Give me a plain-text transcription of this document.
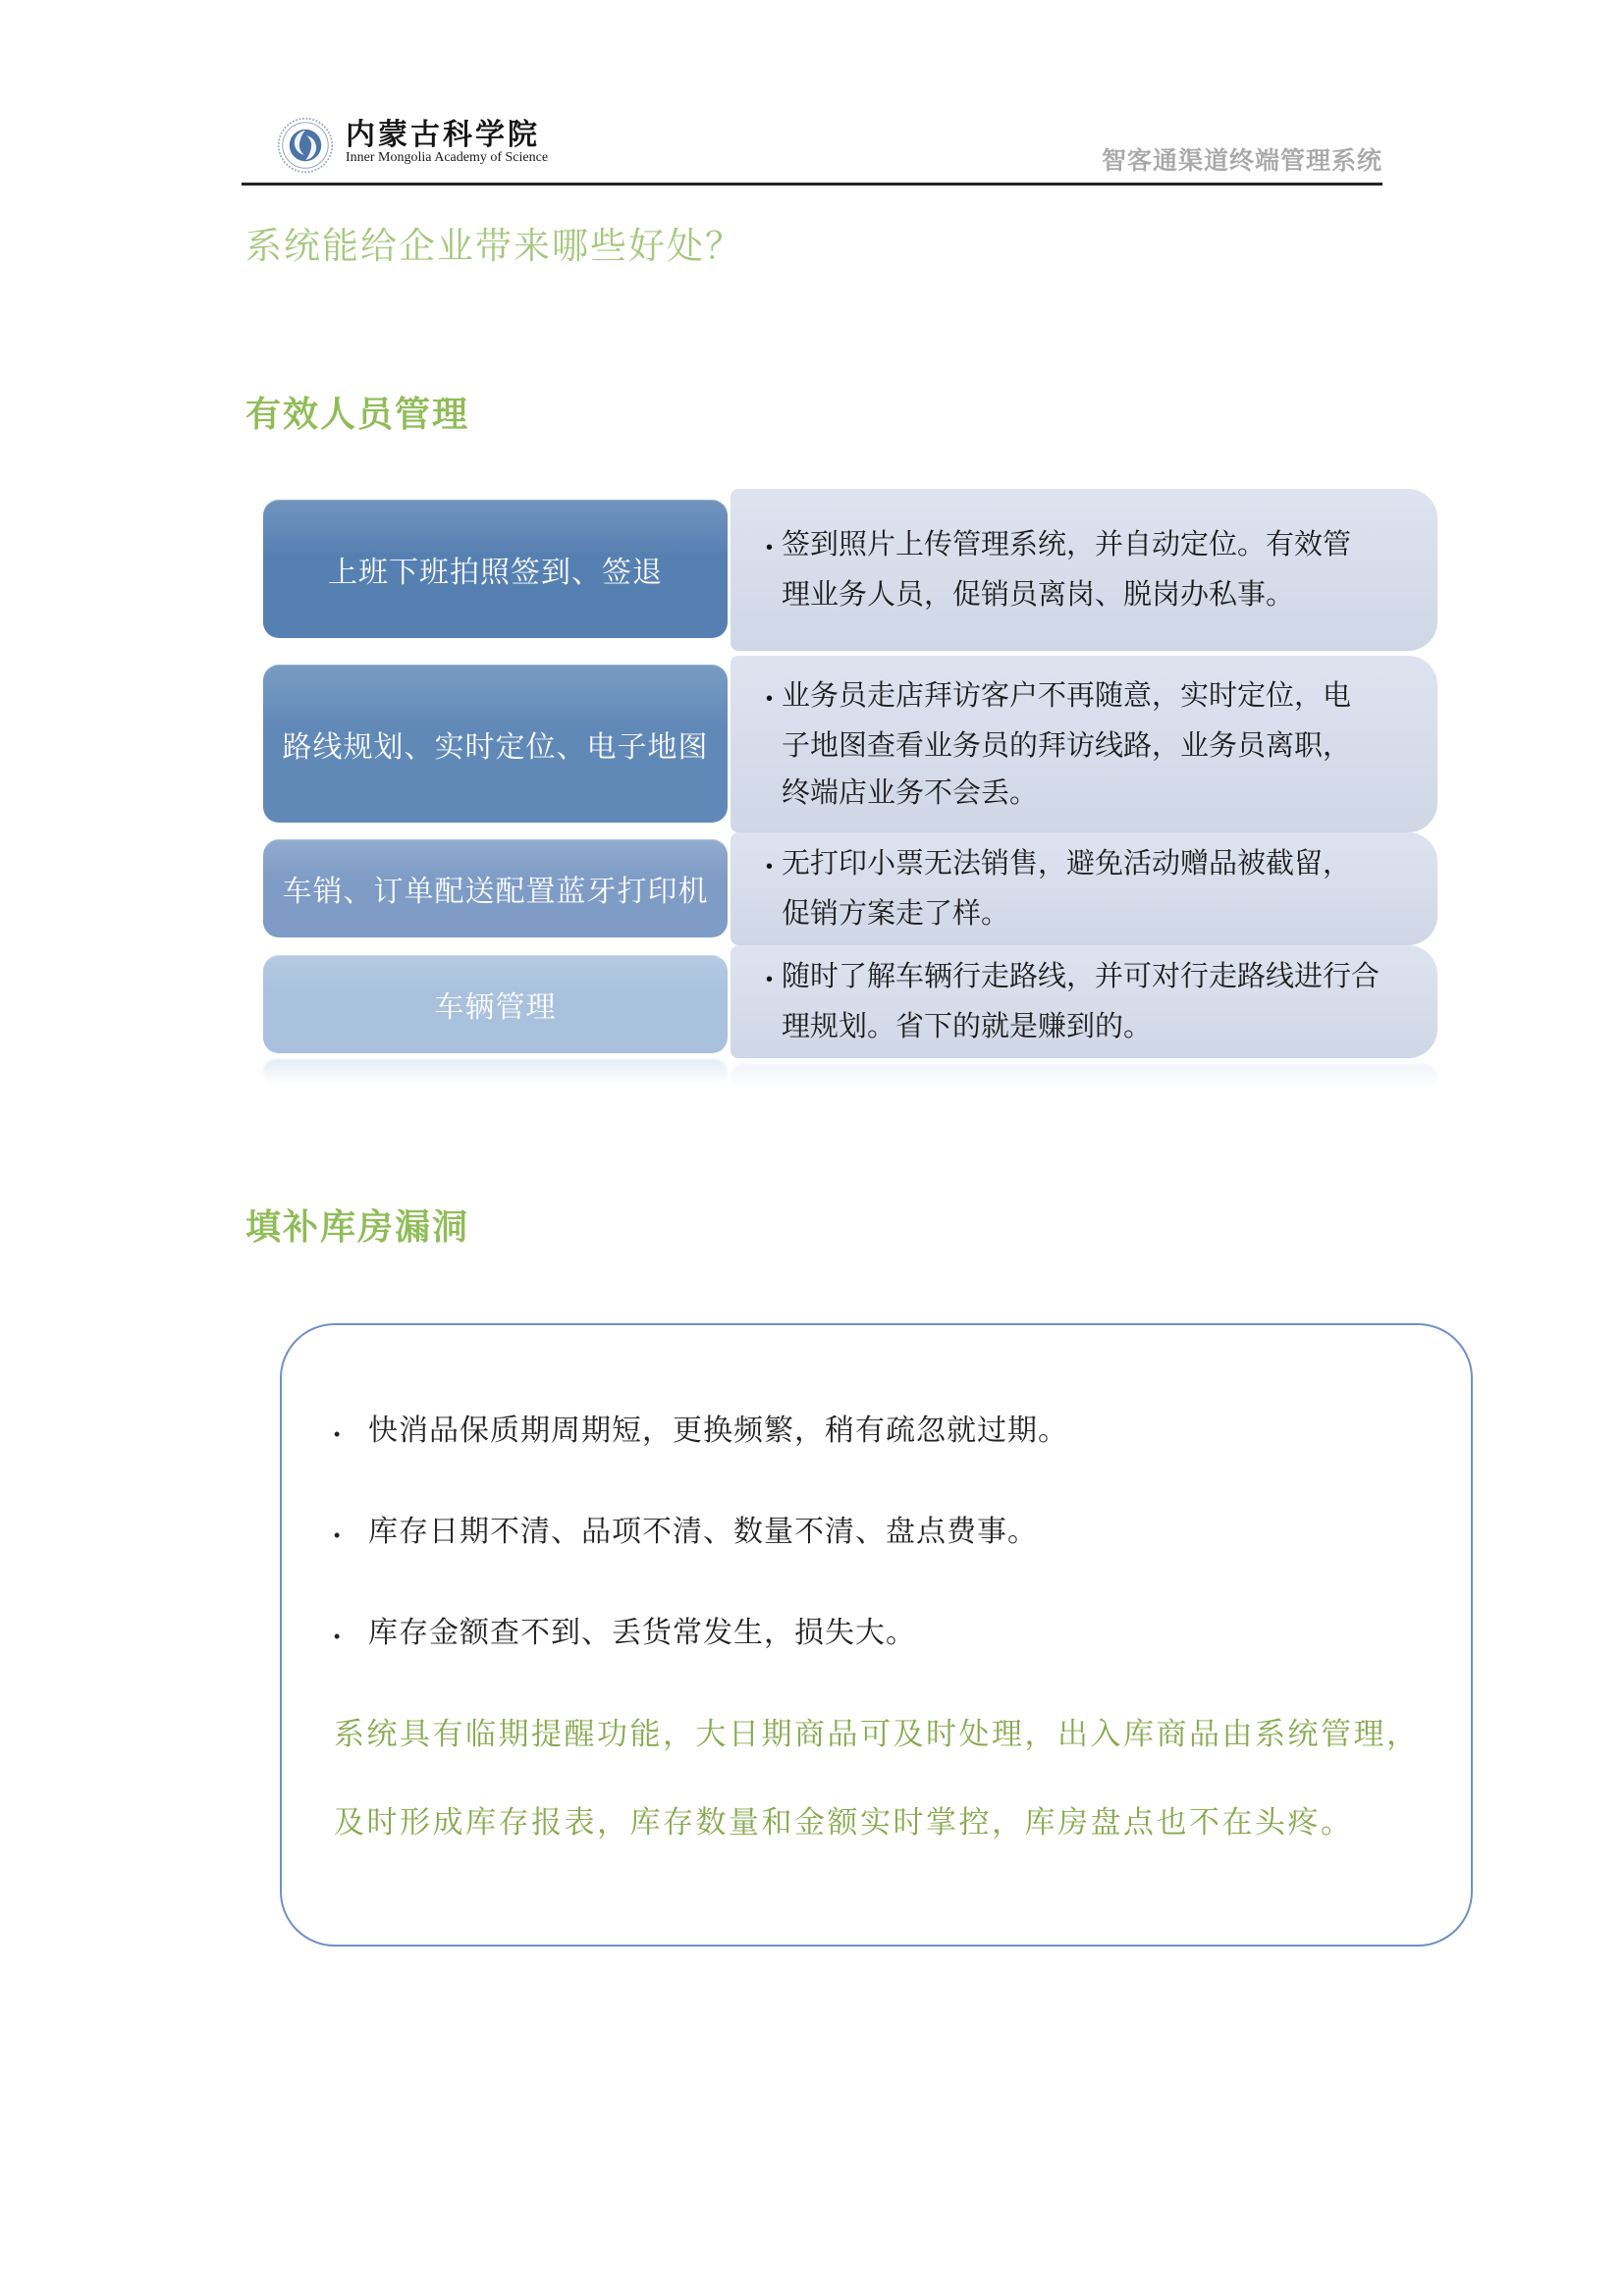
内蒙古科学院
Inner Mongolia Academy of Science	智客通渠道终端管理系统
系统能给企业带来哪些好处？
有效人员管理
上班下班拍照签到、签退
• 签到照片上传管理系统，并自动定位。有效管
理业务人员，促销员离岗、脱岗办私事。
路线规划、实时定位、电子地图
• 业务员走店拜访客户不再随意，实时定位，电
子地图查看业务员的拜访线路，业务员离职，
终端店业务不会丢。
车销、订单配送配置蓝牙打印机
• 无打印小票无法销售，避免活动赠品被截留，
促销方案走了样。
车辆管理
• 随时了解车辆行走路线，并可对行走路线进行合
理规划。省下的就是赚到的。
填补库房漏洞
• 快消品保质期周期短，更换频繁，稍有疏忽就过期。
• 库存日期不清、品项不清、数量不清、盘点费事。
• 库存金额查不到、丢货常发生，损失大。
系统具有临期提醒功能，大日期商品可及时处理，出入库商品由系统管理，
及时形成库存报表，库存数量和金额实时掌控，库房盘点也不在头疼。
